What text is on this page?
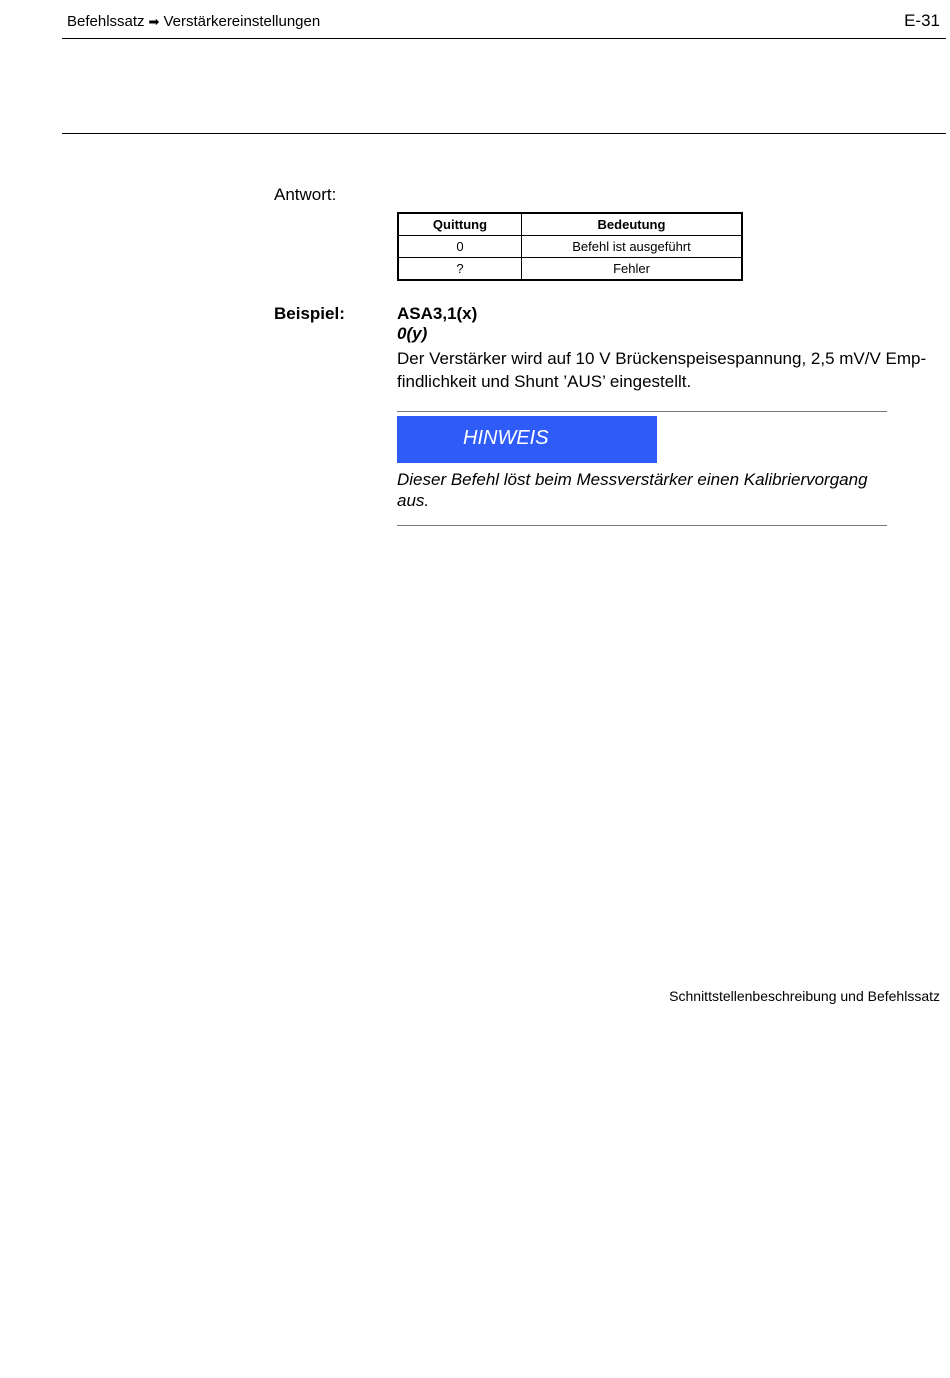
Befehlssatz ➡ Verstärkereinstellungen	E-31
Antwort:
Quittung	Bedeutung
0	Befehl ist ausgeführt
?	Fehler
Beispiel:	ASA3,1(x)
0(y)
Der Verstärker wird auf 10 V Brückenspeisespannung, 2,5 mV/V Emp- findlichkeit und Shunt ’AUS’ eingestellt.
HINWEIS
Dieser Befehl löst beim Messverstärker einen Kalibriervorgang aus.
Schnittstellenbeschreibung und Befehlssatz
